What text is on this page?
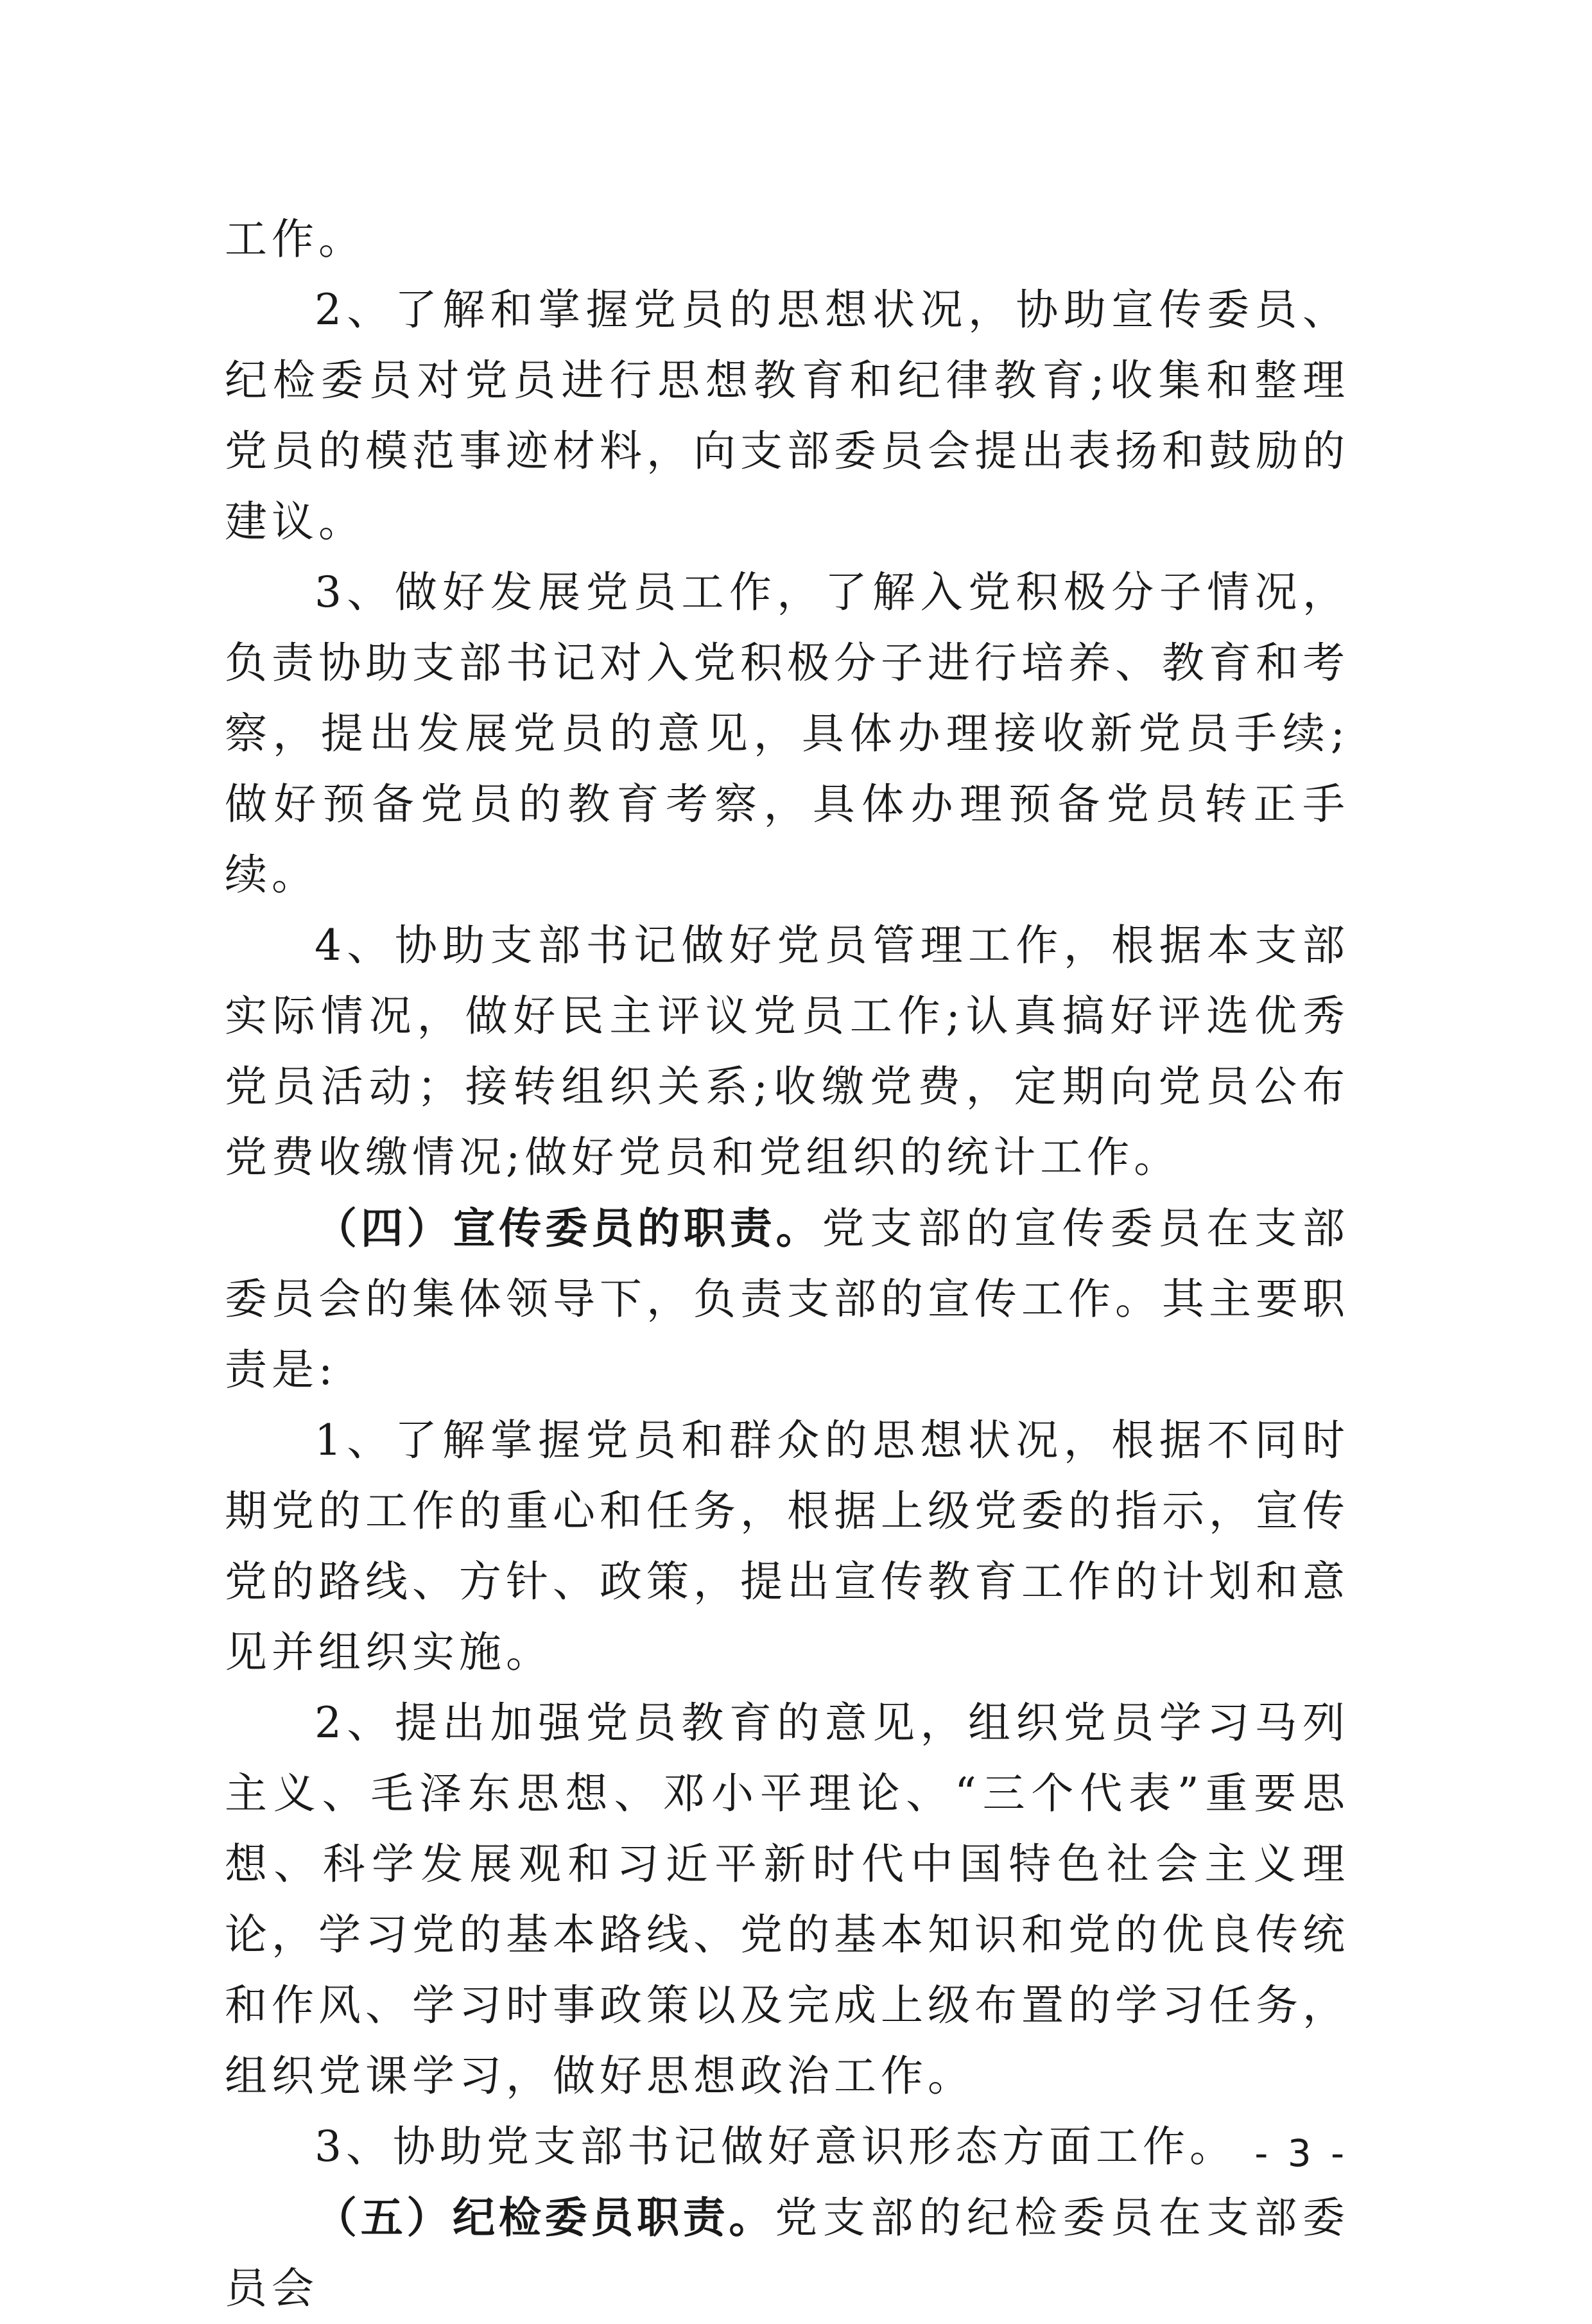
工作。

2、了解和掌握党员的思想状况，协助宣传委员、纪检委员对党员进行思想教育和纪律教育;收集和整理党员的模范事迹材料，向支部委员会提出表扬和鼓励的建议。

3、做好发展党员工作，了解入党积极分子情况，负责协助支部书记对入党积极分子进行培养、教育和考察，提出发展党员的意见，具体办理接收新党员手续;做好预备党员的教育考察，具体办理预备党员转正手续。

4、协助支部书记做好党员管理工作，根据本支部实际情况，做好民主评议党员工作;认真搞好评选优秀党员活动；接转组织关系;收缴党费，定期向党员公布党费收缴情况;做好党员和党组织的统计工作。

（四）宣传委员的职责。党支部的宣传委员在支部委员会的集体领导下，负责支部的宣传工作。其主要职责是:

1、了解掌握党员和群众的思想状况，根据不同时期党的工作的重心和任务，根据上级党委的指示，宣传党的路线、方针、政策，提出宣传教育工作的计划和意见并组织实施。

2、提出加强党员教育的意见，组织党员学习马列主义、毛泽东思想、邓小平理论、“三个代表”重要思想、科学发展观和习近平新时代中国特色社会主义理论，学习党的基本路线、党的基本知识和党的优良传统和作风、学习时事政策以及完成上级布置的学习任务，组织党课学习，做好思想政治工作。

3、协助党支部书记做好意识形态方面工作。

（五）纪检委员职责。党支部的纪检委员在支部委员会

- 3 -
